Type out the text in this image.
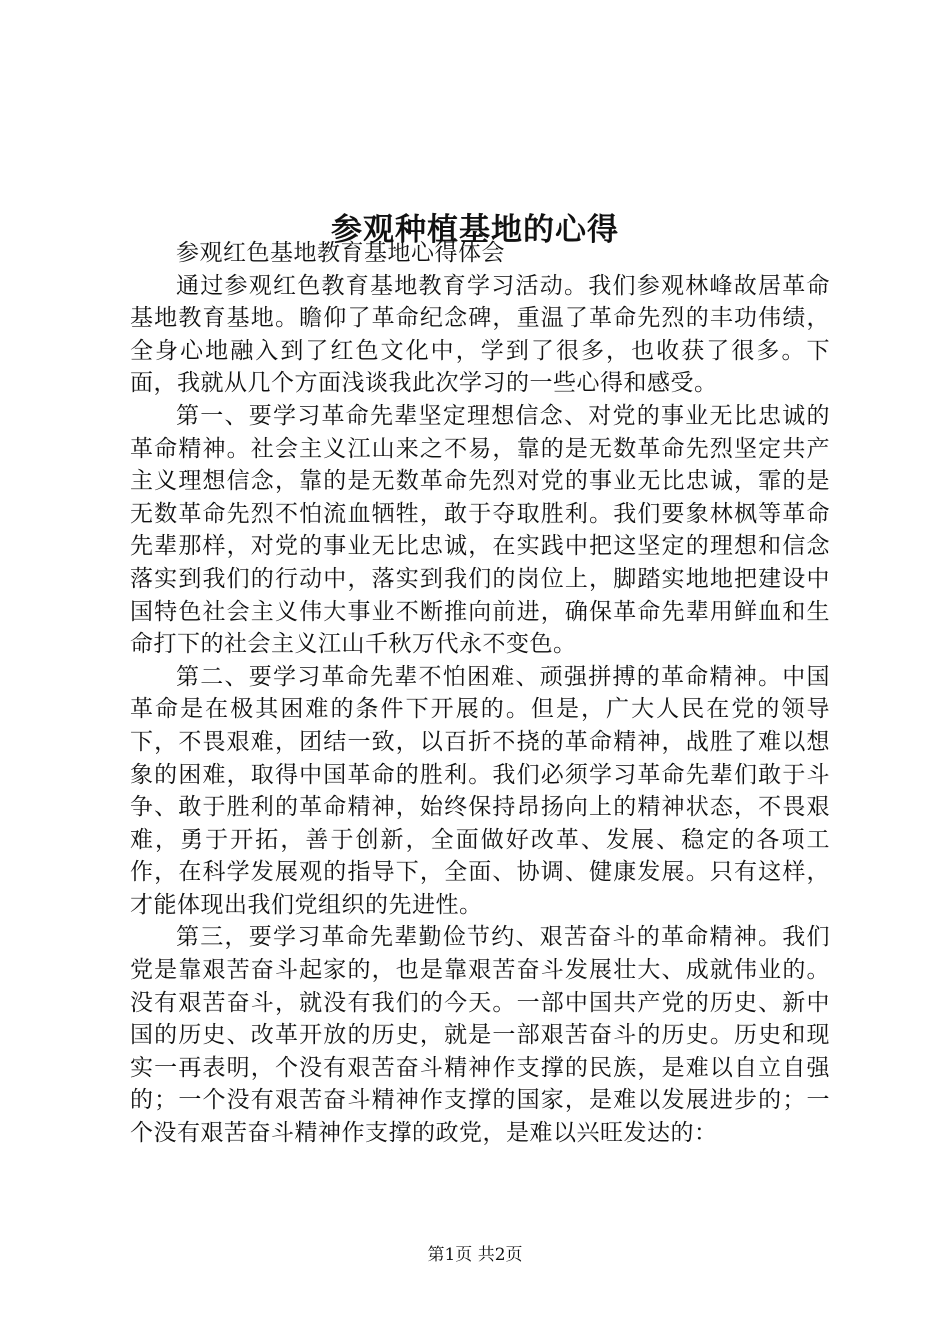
参观种植基地的心得

参观红色基地教育基地心得体会

通过参观红色教育基地教育学习活动。我们参观林峰故居革命基地教育基地。瞻仰了革命纪念碑，重温了革命先烈的丰功伟绩，全身心地融入到了红色文化中，学到了很多，也收获了很多。下面，我就从几个方面浅谈我此次学习的一些心得和感受。

第一、要学习革命先辈坚定理想信念、对党的事业无比忠诚的革命精神。社会主义江山来之不易，靠的是无数革命先烈坚定共产主义理想信念，靠的是无数革命先烈对党的事业无比忠诚，霏的是无数革命先烈不怕流血牺牲，敢于夺取胜利。我们要象林枫等革命先辈那样，对党的事业无比忠诚，在实践中把这坚定的理想和信念落实到我们的行动中，落实到我们的岗位上，脚踏实地地把建设中国特色社会主义伟大事业不断推向前进，确保革命先辈用鲜血和生命打下的社会主义江山千秋万代永不变色。

第二、要学习革命先辈不怕困难、顽强拼搏的革命精神。中国革命是在极其困难的条件下开展的。但是，广大人民在党的领导下，不畏艰难，团结一致，以百折不挠的革命精神，战胜了难以想象的困难，取得中国革命的胜利。我们必须学习革命先辈们敢于斗争、敢于胜利的革命精神，始终保持昂扬向上的精神状态，不畏艰难，勇于开拓，善于创新，全面做好改革、发展、稳定的各项工作，在科学发展观的指导下，全面、协调、健康发展。只有这样，才能体现出我们党组织的先进性。

第三，要学习革命先辈勤俭节约、艰苦奋斗的革命精神。我们党是靠艰苦奋斗起家的，也是靠艰苦奋斗发展壮大、成就伟业的。没有艰苦奋斗，就没有我们的今天。一部中国共产党的历史、新中国的历史、改革开放的历史，就是一部艰苦奋斗的历史。历史和现实一再表明，个没有艰苦奋斗精神作支撑的民族，是难以自立自强的；一个没有艰苦奋斗精神作支撑的国家，是难以发展进步的；一个没有艰苦奋斗精神作支撑的政党，是难以兴旺发达的：

第1页 共2页
